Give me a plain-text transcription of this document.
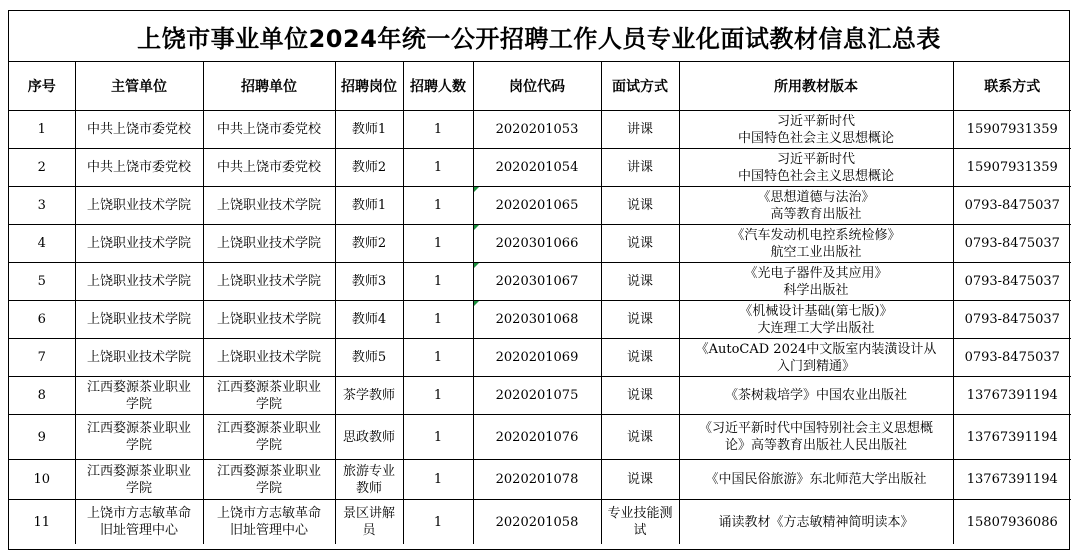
上饶市事业单位2024年统一公开招聘工作人员专业化面试教材信息汇总表
序号	主管单位	招聘单位	招聘岗位	招聘人数	岗位代码	面试方式	所用教材版本	联系方式

1	中共上饶市委党校	中共上饶市委党校	教师1	1	2020201053	讲课	习近平新时代
中国特色社会主义思想概论	15907931359

2	中共上饶市委党校	中共上饶市委党校	教师2	1	2020201054	讲课	习近平新时代
中国特色社会主义思想概论	15907931359

3	上饶职业技术学院	上饶职业技术学院	教师1	1	2020201065	说课	《思想道德与法治》
高等教育出版社	0793-8475037

4	上饶职业技术学院	上饶职业技术学院	教师2	1	2020301066	说课	《汽车发动机电控系统检修》
航空工业出版社	0793-8475037

5	上饶职业技术学院	上饶职业技术学院	教师3	1	2020301067	说课	《光电子器件及其应用》
科学出版社	0793-8475037

6	上饶职业技术学院	上饶职业技术学院	教师4	1	2020301068	说课	《机械设计基础(第七版)》
大连理工大学出版社	0793-8475037

7	上饶职业技术学院	上饶职业技术学院	教师5	1	2020201069	说课	《AutoCAD 2024中文版室内装潢设计从
入门到精通》	0793-8475037

8	江西婺源茶业职业
学院	江西婺源茶业职业
学院	茶学教师	1	2020201075	说课	《茶树栽培学》中国农业出版社	13767391194

9	江西婺源茶业职业
学院	江西婺源茶业职业
学院	思政教师	1	2020201076	说课	《习近平新时代中国特别社会主义思想概
论》高等教育出版社人民出版社	13767391194

10	江西婺源茶业职业
学院	江西婺源茶业职业
学院	旅游专业
教师	1	2020201078	说课	《中国民俗旅游》东北师范大学出版社	13767391194

11	上饶市方志敏革命
旧址管理中心	上饶市方志敏革命
旧址管理中心	景区讲解
员	1	2020201058	专业技能测
试	诵读教材《方志敏精神简明读本》	15807936086
